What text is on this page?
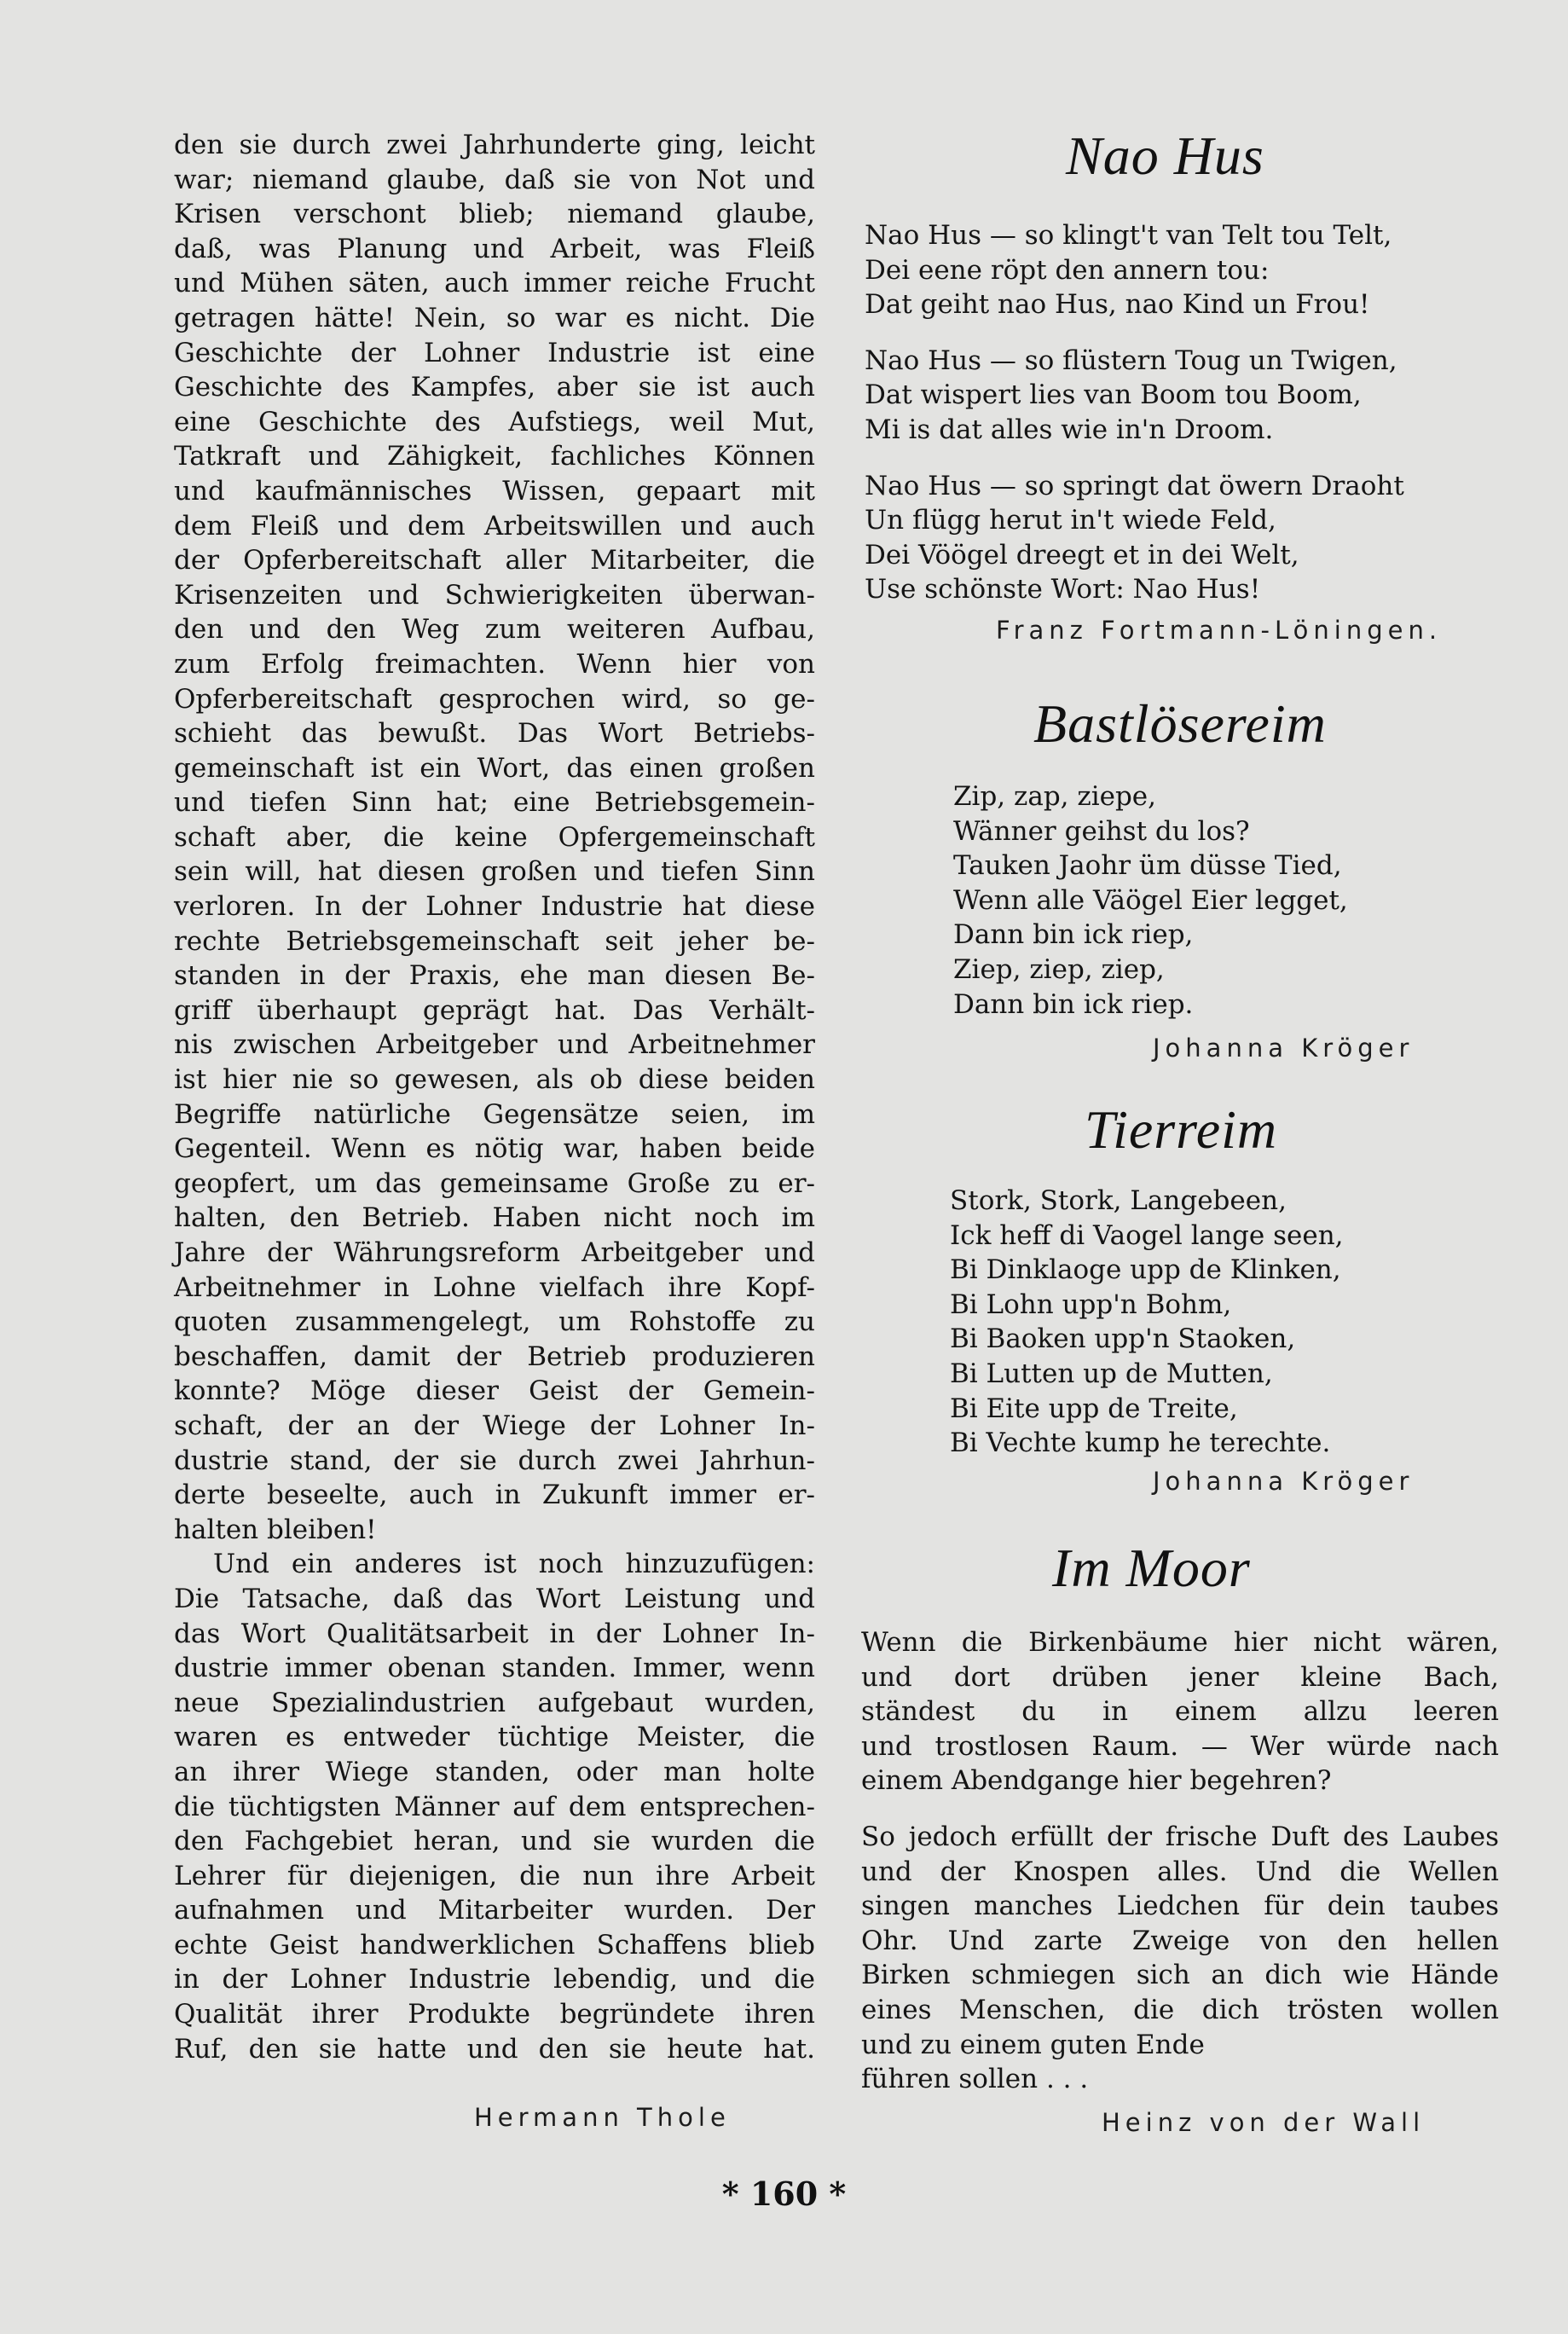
den sie durch zwei Jahrhunderte ging, leicht
war; niemand glaube, daß sie von Not und
Krisen verschont blieb; niemand glaube,
daß, was Planung und Arbeit, was Fleiß
und Mühen säten, auch immer reiche Frucht
getragen hätte! Nein, so war es nicht. Die
Geschichte der Lohner Industrie ist eine
Geschichte des Kampfes, aber sie ist auch
eine Geschichte des Aufstiegs, weil Mut,
Tatkraft und Zähigkeit, fachliches Können
und kaufmännisches Wissen, gepaart mit
dem Fleiß und dem Arbeitswillen und auch
der Opferbereitschaft aller Mitarbeiter, die
Krisenzeiten und Schwierigkeiten überwan-
den und den Weg zum weiteren Aufbau,
zum Erfolg freimachten. Wenn hier von
Opferbereitschaft gesprochen wird, so ge-
schieht das bewußt. Das Wort Betriebs-
gemeinschaft ist ein Wort, das einen großen
und tiefen Sinn hat; eine Betriebsgemein-
schaft aber, die keine Opfergemeinschaft
sein will, hat diesen großen und tiefen Sinn
verloren. In der Lohner Industrie hat diese
rechte Betriebsgemeinschaft seit jeher be-
standen in der Praxis, ehe man diesen Be-
griff überhaupt geprägt hat. Das Verhält-
nis zwischen Arbeitgeber und Arbeitnehmer
ist hier nie so gewesen, als ob diese beiden
Begriffe natürliche Gegensätze seien, im
Gegenteil. Wenn es nötig war, haben beide
geopfert, um das gemeinsame Große zu er-
halten, den Betrieb. Haben nicht noch im
Jahre der Währungsreform Arbeitgeber und
Arbeitnehmer in Lohne vielfach ihre Kopf-
quoten zusammengelegt, um Rohstoffe zu
beschaffen, damit der Betrieb produzieren
konnte? Möge dieser Geist der Gemein-
schaft, der an der Wiege der Lohner In-
dustrie stand, der sie durch zwei Jahrhun-
derte beseelte, auch in Zukunft immer er-
halten bleiben!

Und ein anderes ist noch hinzuzufügen:
Die Tatsache, daß das Wort Leistung und
das Wort Qualitätsarbeit in der Lohner In-
dustrie immer obenan standen. Immer, wenn
neue Spezialindustrien aufgebaut wurden,
waren es entweder tüchtige Meister, die
an ihrer Wiege standen, oder man holte
die tüchtigsten Männer auf dem entsprechen-
den Fachgebiet heran, und sie wurden die
Lehrer für diejenigen, die nun ihre Arbeit
aufnahmen und Mitarbeiter wurden. Der
echte Geist handwerklichen Schaffens blieb
in der Lohner Industrie lebendig, und die
Qualität ihrer Produkte begründete ihren
Ruf, den sie hatte und den sie heute hat.

Hermann Thole
Nao Hus
Nao Hus — so klingt't van Telt tou Telt,
Dei eene röpt den annern tou:
Dat geiht nao Hus, nao Kind un Frou!
Nao Hus — so flüstern Toug un Twigen,
Dat wispert lies van Boom tou Boom,
Mi is dat alles wie in'n Droom.
Nao Hus — so springt dat öwern Draoht
Un flügg herut in't wiede Feld,
Dei Vöögel dreegt et in dei Welt,
Use schönste Wort: Nao Hus!
Franz Fortmann-Löningen.
Bastlösereim
Zip, zap, ziepe,
Wänner geihst du los?
Tauken Jaohr üm düsse Tied,
Wenn alle Väögel Eier legget,
Dann bin ick riep,
Ziep, ziep, ziep,
Dann bin ick riep.
Johanna Kröger
Tierreim
Stork, Stork, Langebeen,
Ick heff di Vaogel lange seen,
Bi Dinklaoge upp de Klinken,
Bi Lohn upp'n Bohm,
Bi Baoken upp'n Staoken,
Bi Lutten up de Mutten,
Bi Eite upp de Treite,
Bi Vechte kump he terechte.
Johanna Kröger
Im Moor

Wenn die Birkenbäume hier nicht wären,
und dort drüben jener kleine Bach,
ständest du in einem allzu leeren
und trostlosen Raum. — Wer würde nach
einem Abendgange hier begehren?

So jedoch erfüllt der frische Duft des Laubes
und der Knospen alles. Und die Wellen
singen manches Liedchen für dein taubes
Ohr. Und zarte Zweige von den hellen
Birken schmiegen sich an dich wie Hände
eines Menschen, die dich trösten wollen
und zu einem guten Ende
führen sollen . . .

Heinz von der Wall
* 160 *
